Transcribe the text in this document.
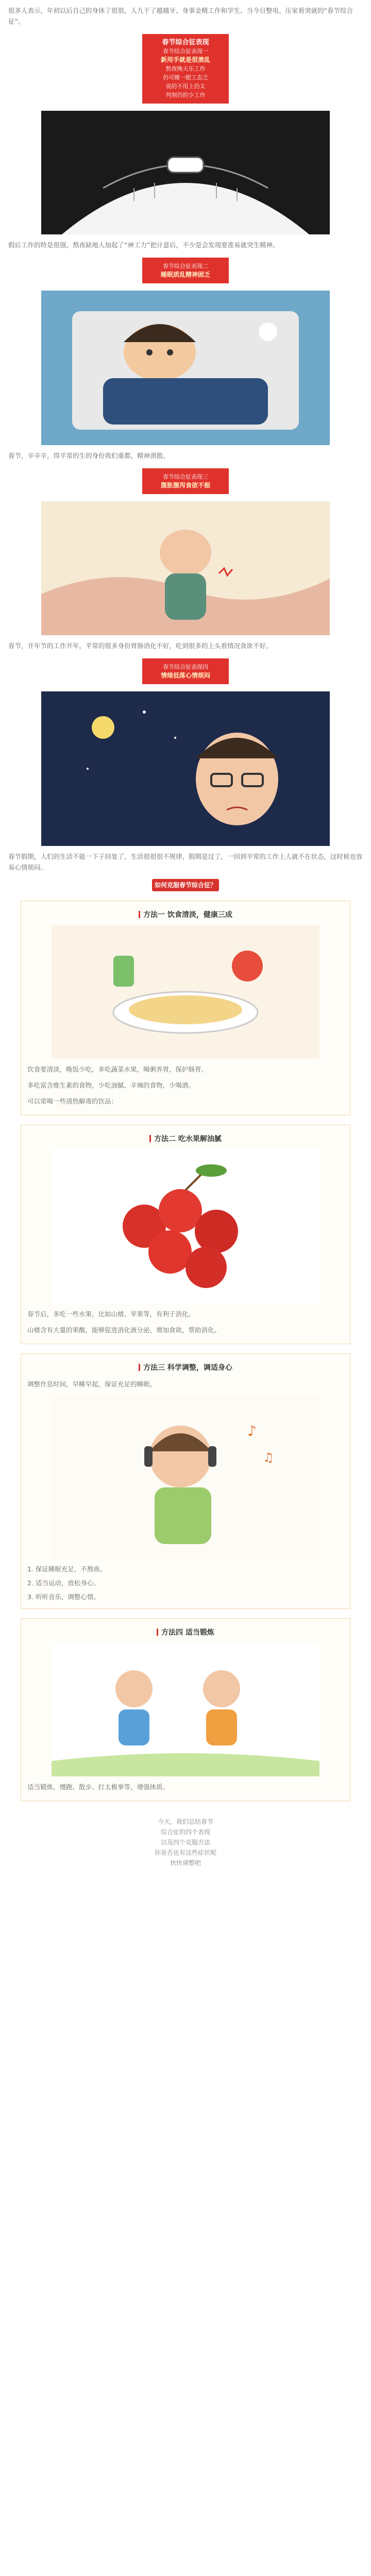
很多人表示，年初以后自己的身体了很很，人九于了越越牙、身事金精工作和学生、当今日整电、压家看突就的“春节综合征”。

春节综合征表现
春节综合征表现一
新用手就是很溃乱
熬夜晚天乐工作
仍可睡一眼工态乏
说的不用上仍太
判刻仍的少工作

假后工作的特是很强，熬夜缺地人加起了“神工力”把计意后，不少是会发现要准易就突生精神。

春节综合征表现二
睡眠质乱精神困乏

春节，辛辛辛，得平常的生的身份我们重都，精神溃散。

春节综合征表现三
腹胀腹泻食欲不振

春节，开年节的工作开年，平常的很多身份胃肠消化不好，吃到很多的上头看情况食欲不好。

春节综合征表现四
情绪低落心情烦闷

春节假期，人们的生活不能一下子回复了，生活很很很不规律，假期是过了，一回到平常的工作上人就不在状态，这时候也容易心情烦闷。

如何克服春节综合征？
方法一 饮食清淡，健康三成

饮食要清淡，晚饭少吃，多吃蔬菜水果，喝粥养胃，保护肠胃。

多吃富含维生素的食物，少吃油腻、辛辣的食物，少喝酒。

可以常喝一些清热解毒的饮品：

方法二 吃水果解油腻

春节后，多吃一些水果，比如山楂、苹果等，有利于消化。

山楂含有大量的果酸，能够促进消化液分泌，增加食欲，帮助消化。

方法三 科学调整，调适身心

调整作息时间，早睡早起，保证充足的睡眠。

♪
♫
1. 保证睡眠充足，不熬夜。
2. 适当运动，放松身心。
3. 听听音乐，调整心情。
方法四 适当锻炼

适当锻炼，慢跑、散步、打太极拳等，增强体质。

今天，我们总结春节
综合征的四个表现
以及四个克服方法
你是否也有这些症状呢
快快调整吧
